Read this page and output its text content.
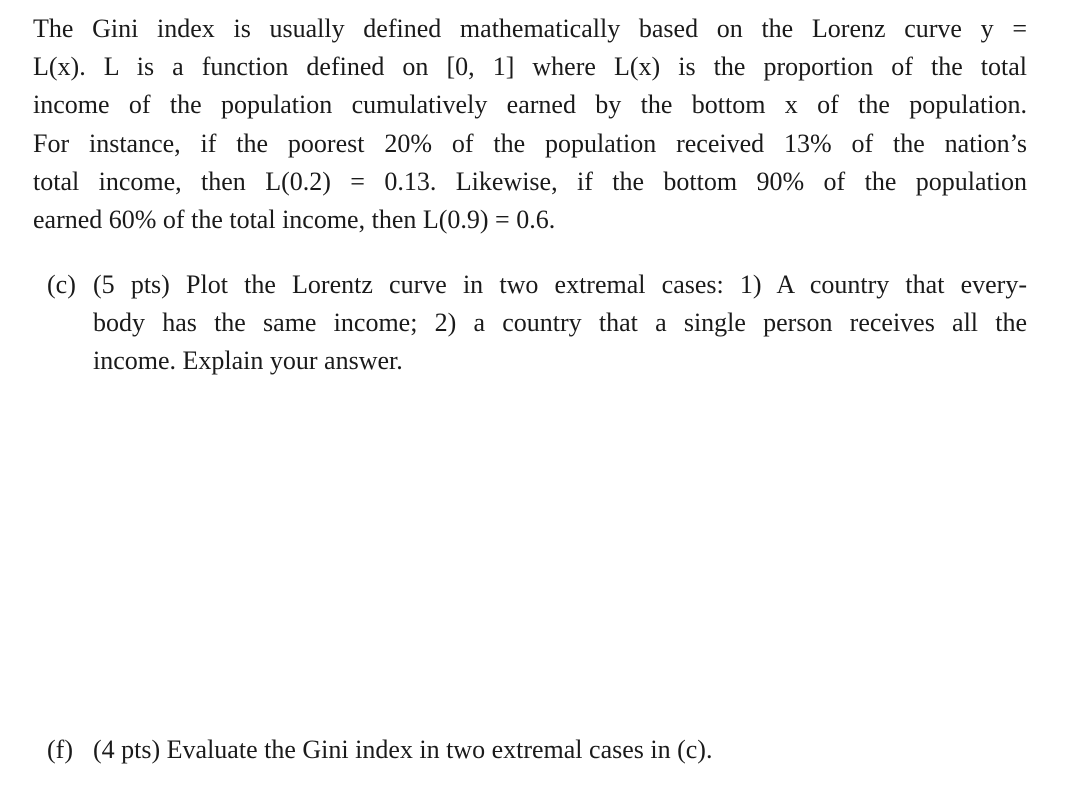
The Gini index is usually defined mathematically based on the Lorenz curve y =
L(x). L is a function defined on [0, 1] where L(x) is the proportion of the total
income of the population cumulatively earned by the bottom x of the population.
For instance, if the poorest 20% of the population received 13% of the nation’s
total income, then L(0.2) = 0.13. Likewise, if the bottom 90% of the population
earned 60% of the total income, then L(0.9) = 0.6.
(c) (5 pts) Plot the Lorentz curve in two extremal cases: 1) A country that every-
body has the same income; 2) a country that a single person receives all the
income. Explain your answer.
(f) (4 pts) Evaluate the Gini index in two extremal cases in (c).
